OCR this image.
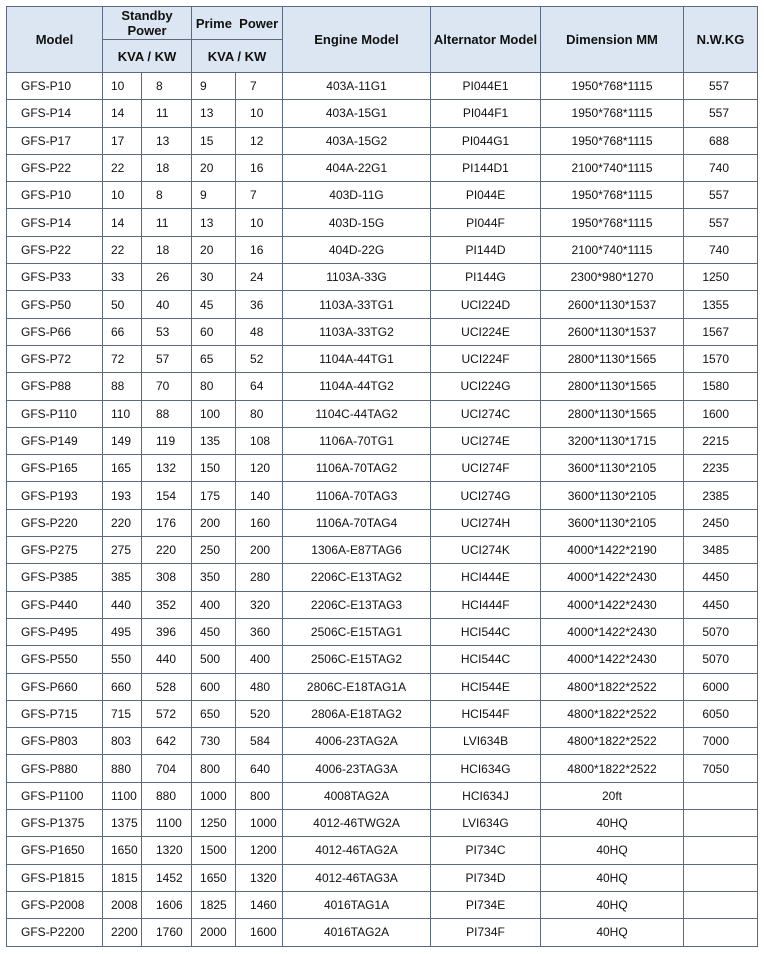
Model	Standby Power		Prime  Power		Engine Model	Alternator Model	Dimension MM	N.W.KG
	KVA / KW		KVA / KW					
GFS-P10	10	8	9	7	403A-11G1	PI044E1	1950*768*1115	557
GFS-P14	14	11	13	10	403A-15G1	PI044F1	1950*768*1115	557
GFS-P17	17	13	15	12	403A-15G2	PI044G1	1950*768*1115	688
GFS-P22	22	18	20	16	404A-22G1	PI144D1	2100*740*1115	740
GFS-P10	10	8	9	7	403D-11G	PI044E	1950*768*1115	557
GFS-P14	14	11	13	10	403D-15G	PI044F	1950*768*1115	557
GFS-P22	22	18	20	16	404D-22G	PI144D	2100*740*1115	740
GFS-P33	33	26	30	24	1103A-33G	PI144G	2300*980*1270	1250
GFS-P50	50	40	45	36	1103A-33TG1	UCI224D	2600*1130*1537	1355
GFS-P66	66	53	60	48	1103A-33TG2	UCI224E	2600*1130*1537	1567
GFS-P72	72	57	65	52	1104A-44TG1	UCI224F	2800*1130*1565	1570
GFS-P88	88	70	80	64	1104A-44TG2	UCI224G	2800*1130*1565	1580
GFS-P110	110	88	100	80	1104C-44TAG2	UCI274C	2800*1130*1565	1600
GFS-P149	149	119	135	108	1106A-70TG1	UCI274E	3200*1130*1715	2215
GFS-P165	165	132	150	120	1106A-70TAG2	UCI274F	3600*1130*2105	2235
GFS-P193	193	154	175	140	1106A-70TAG3	UCI274G	3600*1130*2105	2385
GFS-P220	220	176	200	160	1106A-70TAG4	UCI274H	3600*1130*2105	2450
GFS-P275	275	220	250	200	1306A-E87TAG6	UCI274K	4000*1422*2190	3485
GFS-P385	385	308	350	280	2206C-E13TAG2	HCI444E	4000*1422*2430	4450
GFS-P440	440	352	400	320	2206C-E13TAG3	HCI444F	4000*1422*2430	4450
GFS-P495	495	396	450	360	2506C-E15TAG1	HCI544C	4000*1422*2430	5070
GFS-P550	550	440	500	400	2506C-E15TAG2	HCI544C	4000*1422*2430	5070
GFS-P660	660	528	600	480	2806C-E18TAG1A	HCI544E	4800*1822*2522	6000
GFS-P715	715	572	650	520	2806A-E18TAG2	HCI544F	4800*1822*2522	6050
GFS-P803	803	642	730	584	4006-23TAG2A	LVI634B	4800*1822*2522	7000
GFS-P880	880	704	800	640	4006-23TAG3A	HCI634G	4800*1822*2522	7050
GFS-P1100	1100	880	1000	800	4008TAG2A	HCI634J	20ft	
GFS-P1375	1375	1100	1250	1000	4012-46TWG2A	LVI634G	40HQ	
GFS-P1650	1650	1320	1500	1200	4012-46TAG2A	PI734C	40HQ	
GFS-P1815	1815	1452	1650	1320	4012-46TAG3A	PI734D	40HQ	
GFS-P2008	2008	1606	1825	1460	4016TAG1A	PI734E	40HQ	
GFS-P2200	2200	1760	2000	1600	4016TAG2A	PI734F	40HQ	
